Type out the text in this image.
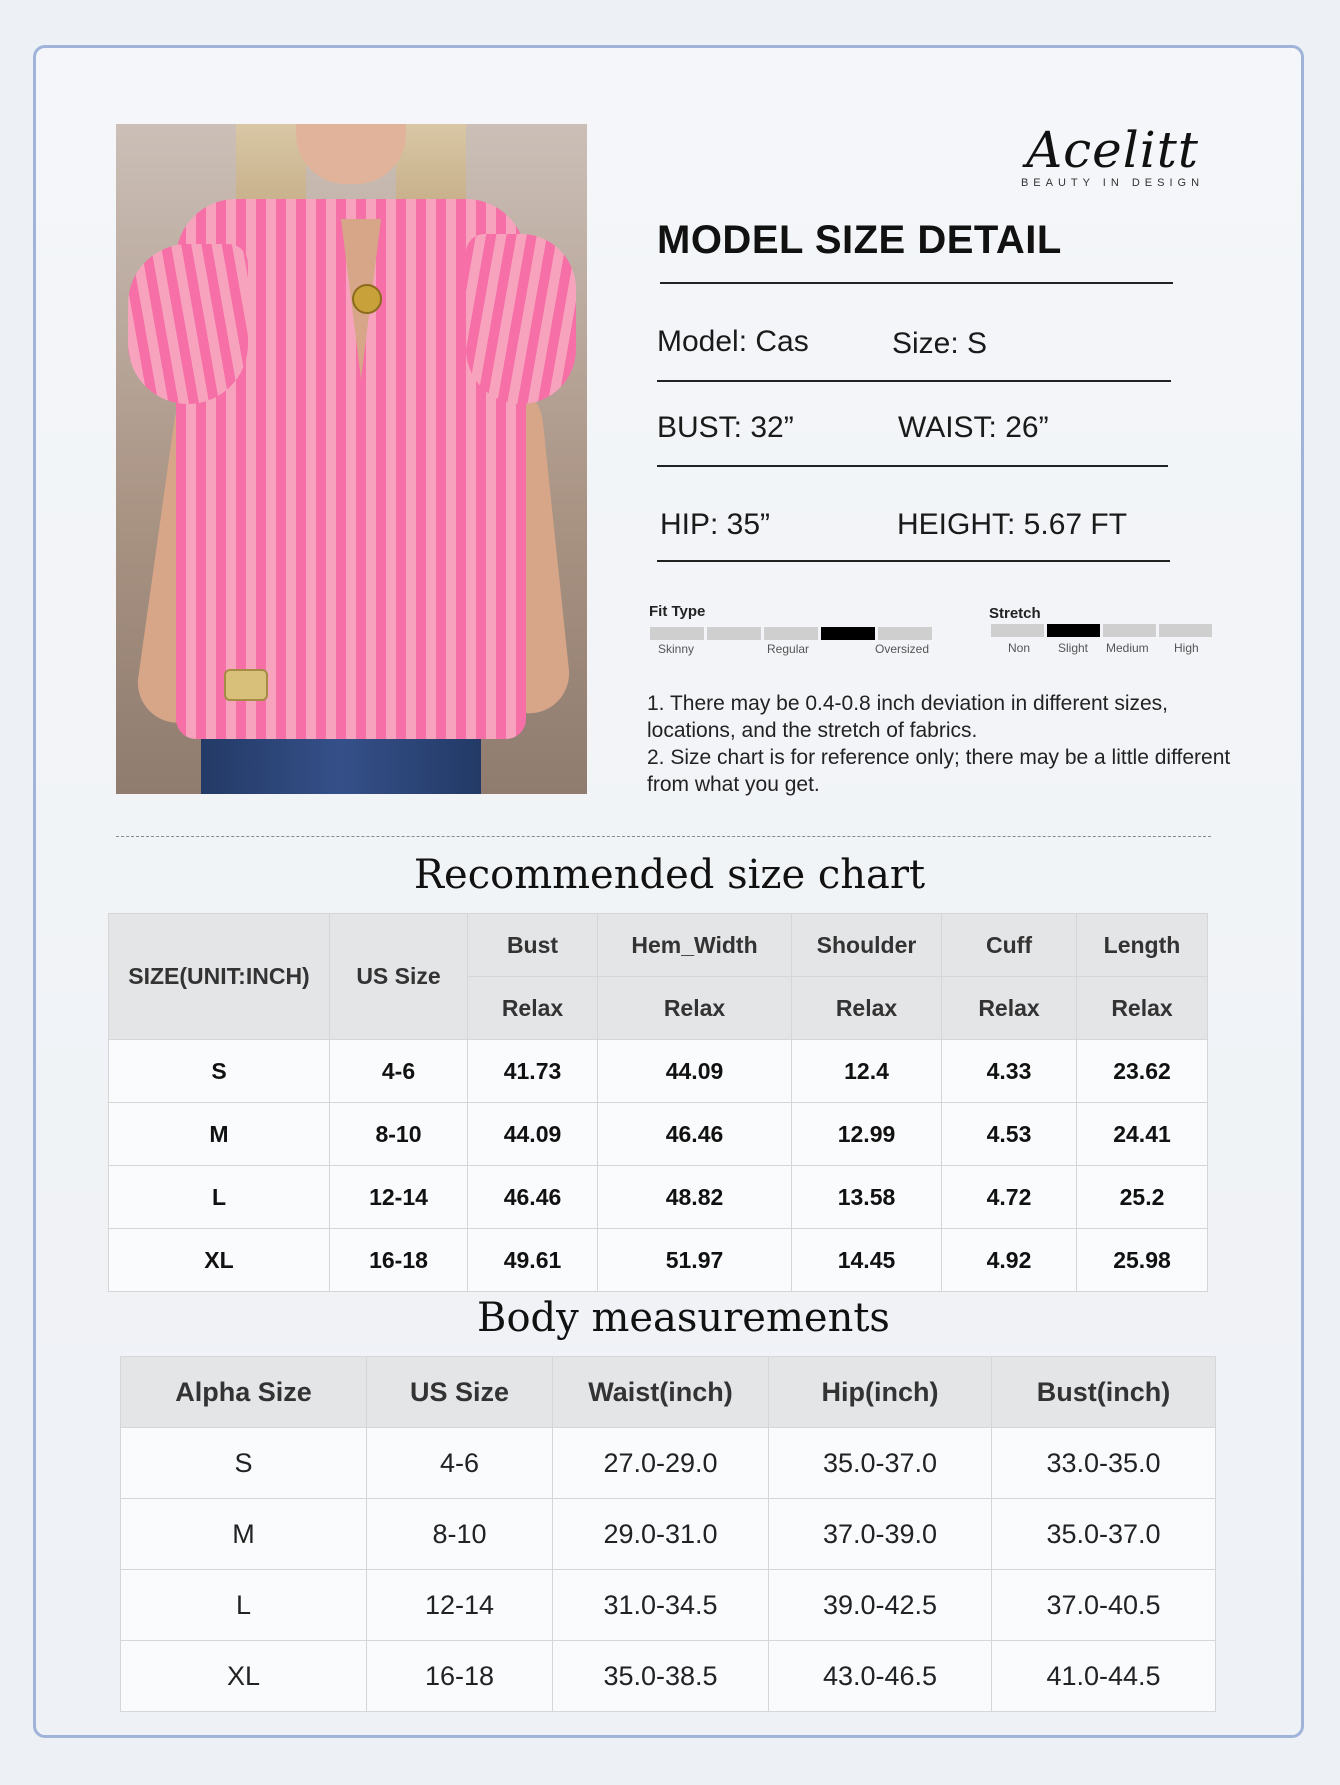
Acelitt
BEAUTY IN DESIGN
MODEL SIZE DETAIL
Model: Cas	Size: S
BUST: 32”	WAIST: 26”
HIP: 35”	HEIGHT: 5.67 FT
Fit Type
Skinny	Regular	Oversized
Stretch
Non Slight Medium High

1. There may be 0.4-0.8 inch deviation in different sizes, locations, and the stretch of fabrics.

2. Size chart is for reference only; there may be a little different from what you get.

Recommended size chart
SIZE(UNIT:INCH)	US Size	Bust	Hem_Width	Shoulder	Cuff	Length
		Relax	Relax	Relax	Relax	Relax
S	4-6	41.73	44.09	12.4	4.33	23.62
M	8-10	44.09	46.46	12.99	4.53	24.41
L	12-14	46.46	48.82	13.58	4.72	25.2
XL	16-18	49.61	51.97	14.45	4.92	25.98
Body measurements
Alpha Size	US Size	Waist(inch)	Hip(inch)	Bust(inch)
S	4-6	27.0-29.0	35.0-37.0	33.0-35.0
M	8-10	29.0-31.0	37.0-39.0	35.0-37.0
L	12-14	31.0-34.5	39.0-42.5	37.0-40.5
XL	16-18	35.0-38.5	43.0-46.5	41.0-44.5
